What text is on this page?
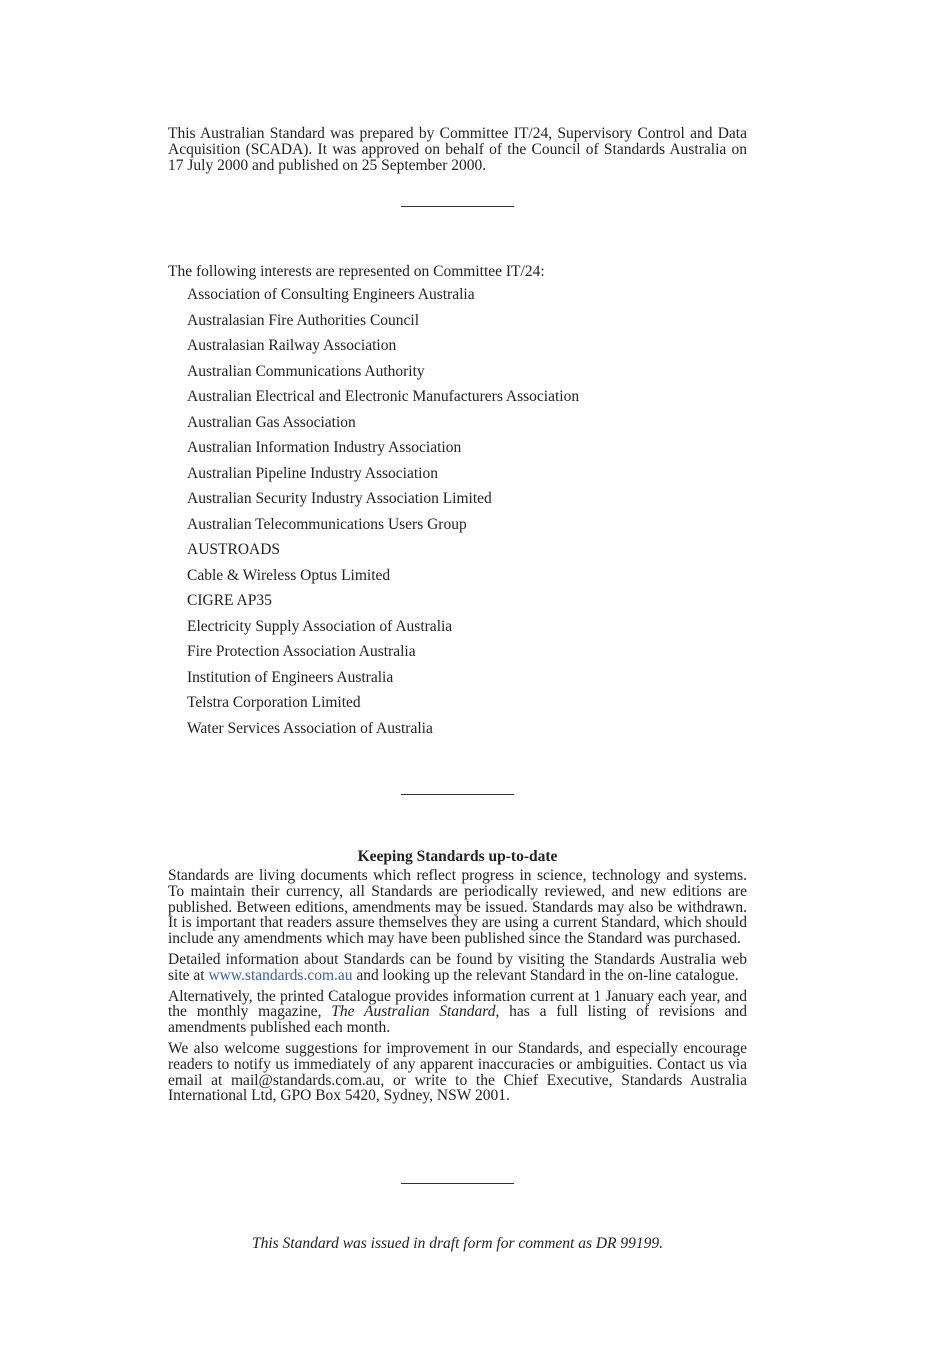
This Australian Standard was prepared by Committee IT/24, Supervisory Control and Data Acquisition (SCADA). It was approved on behalf of the Council of Standards Australia on 17 July 2000 and published on 25 September 2000.

The following interests are represented on Committee IT/24:

Association of Consulting Engineers Australia
Australasian Fire Authorities Council
Australasian Railway Association
Australian Communications Authority
Australian Electrical and Electronic Manufacturers Association
Australian Gas Association
Australian Information Industry Association
Australian Pipeline Industry Association
Australian Security Industry Association Limited
Australian Telecommunications Users Group
AUSTROADS
Cable & Wireless Optus Limited
CIGRE AP35
Electricity Supply Association of Australia
Fire Protection Association Australia
Institution of Engineers Australia
Telstra Corporation Limited
Water Services Association of Australia

Keeping Standards up-to-date

Standards are living documents which reflect progress in science, technology and systems. To maintain their currency, all Standards are periodically reviewed, and new editions are published. Between editions, amendments may be issued. Standards may also be withdrawn. It is important that readers assure themselves they are using a current Standard, which should include any amendments which may have been published since the Standard was purchased.

Detailed information about Standards can be found by visiting the Standards Australia web site at www.standards.com.au and looking up the relevant Standard in the on-line catalogue.

Alternatively, the printed Catalogue provides information current at 1 January each year, and the monthly magazine, The Australian Standard, has a full listing of revisions and amendments published each month.

We also welcome suggestions for improvement in our Standards, and especially encourage readers to notify us immediately of any apparent inaccuracies or ambiguities. Contact us via email at mail@standards.com.au, or write to the Chief Executive, Standards Australia International Ltd, GPO Box 5420, Sydney, NSW 2001.

This Standard was issued in draft form for comment as DR 99199.
